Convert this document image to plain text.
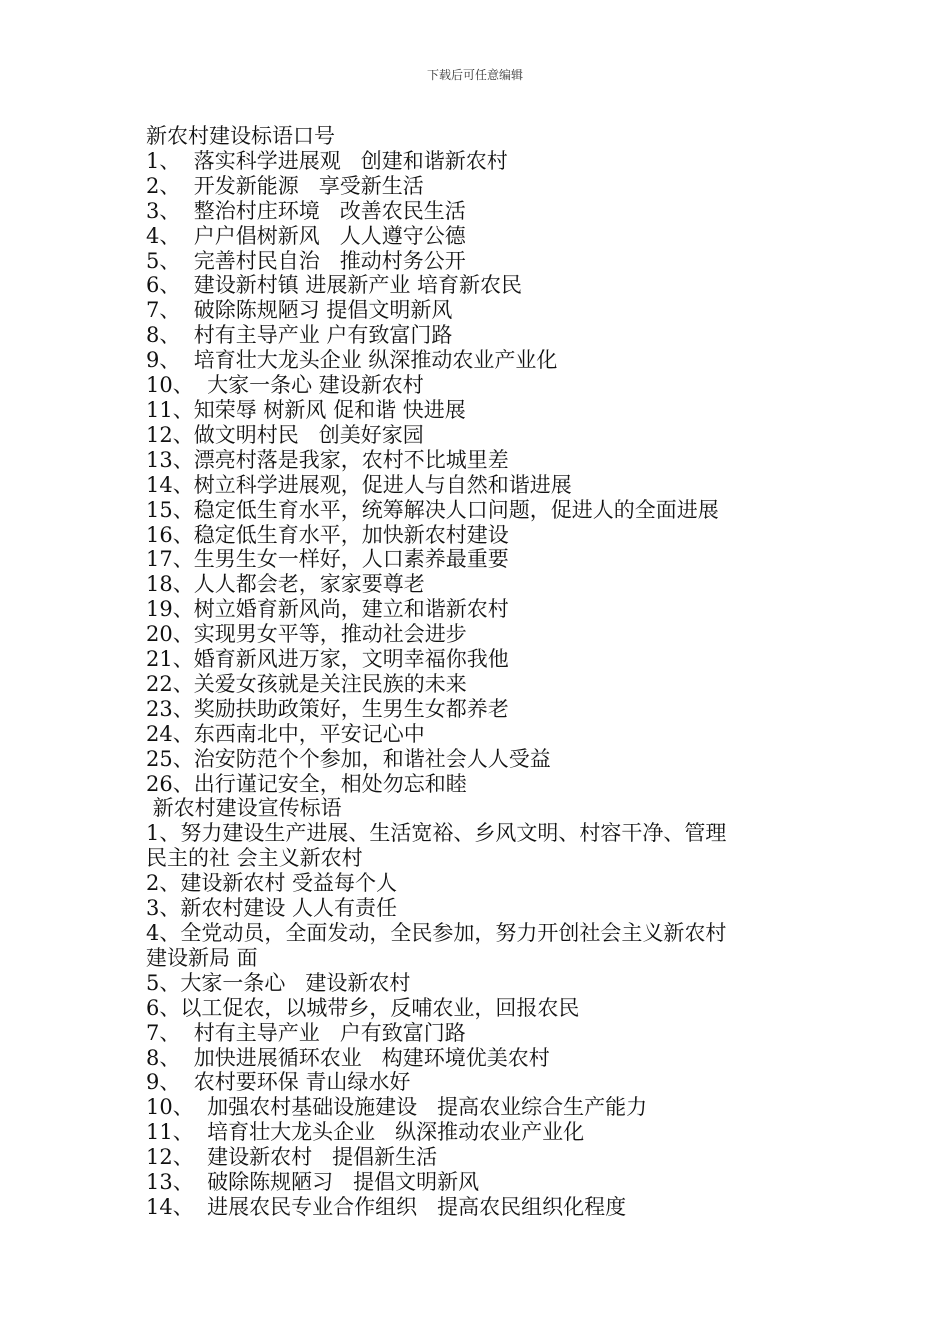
下载后可任意编辑
新农村建设标语口号
1、  落实科学进展观   创建和谐新农村
2、  开发新能源   享受新生活
3、  整治村庄环境   改善农民生活
4、  户户倡树新风   人人遵守公德
5、  完善村民自治   推动村务公开
6、  建设新村镇 进展新产业 培育新农民
7、  破除陈规陋习 提倡文明新风
8、  村有主导产业 户有致富门路
9、  培育壮大龙头企业 纵深推动农业产业化
10、  大家一条心 建设新农村
11、知荣辱 树新风 促和谐 快进展
12、做文明村民   创美好家园
13、漂亮村落是我家，农村不比城里差
14、树立科学进展观，促进人与自然和谐进展
15、稳定低生育水平，统筹解决人口问题，促进人的全面进展
16、稳定低生育水平，加快新农村建设
17、生男生女一样好，人口素养最重要
18、人人都会老，家家要尊老
19、树立婚育新风尚，建立和谐新农村
20、实现男女平等，推动社会进步
21、婚育新风进万家，文明幸福你我他
22、关爱女孩就是关注民族的未来
23、奖励扶助政策好，生男生女都养老
24、东西南北中，平安记心中
25、治安防范个个参加，和谐社会人人受益
26、出行谨记安全，相处勿忘和睦
新农村建设宣传标语
1、努力建设生产进展、生活宽裕、乡风文明、村容干净、管理
民主的社 会主义新农村
2、建设新农村 受益每个人
3、新农村建设 人人有责任
4、全党动员，全面发动，全民参加，努力开创社会主义新农村
建设新局 面
5、大家一条心   建设新农村
6、以工促农，以城带乡，反哺农业，回报农民
7、  村有主导产业   户有致富门路
8、  加快进展循环农业   构建环境优美农村
9、  农村要环保 青山绿水好
10、  加强农村基础设施建设   提高农业综合生产能力
11、  培育壮大龙头企业   纵深推动农业产业化
12、  建设新农村   提倡新生活
13、  破除陈规陋习   提倡文明新风
14、  进展农民专业合作组织   提高农民组织化程度
